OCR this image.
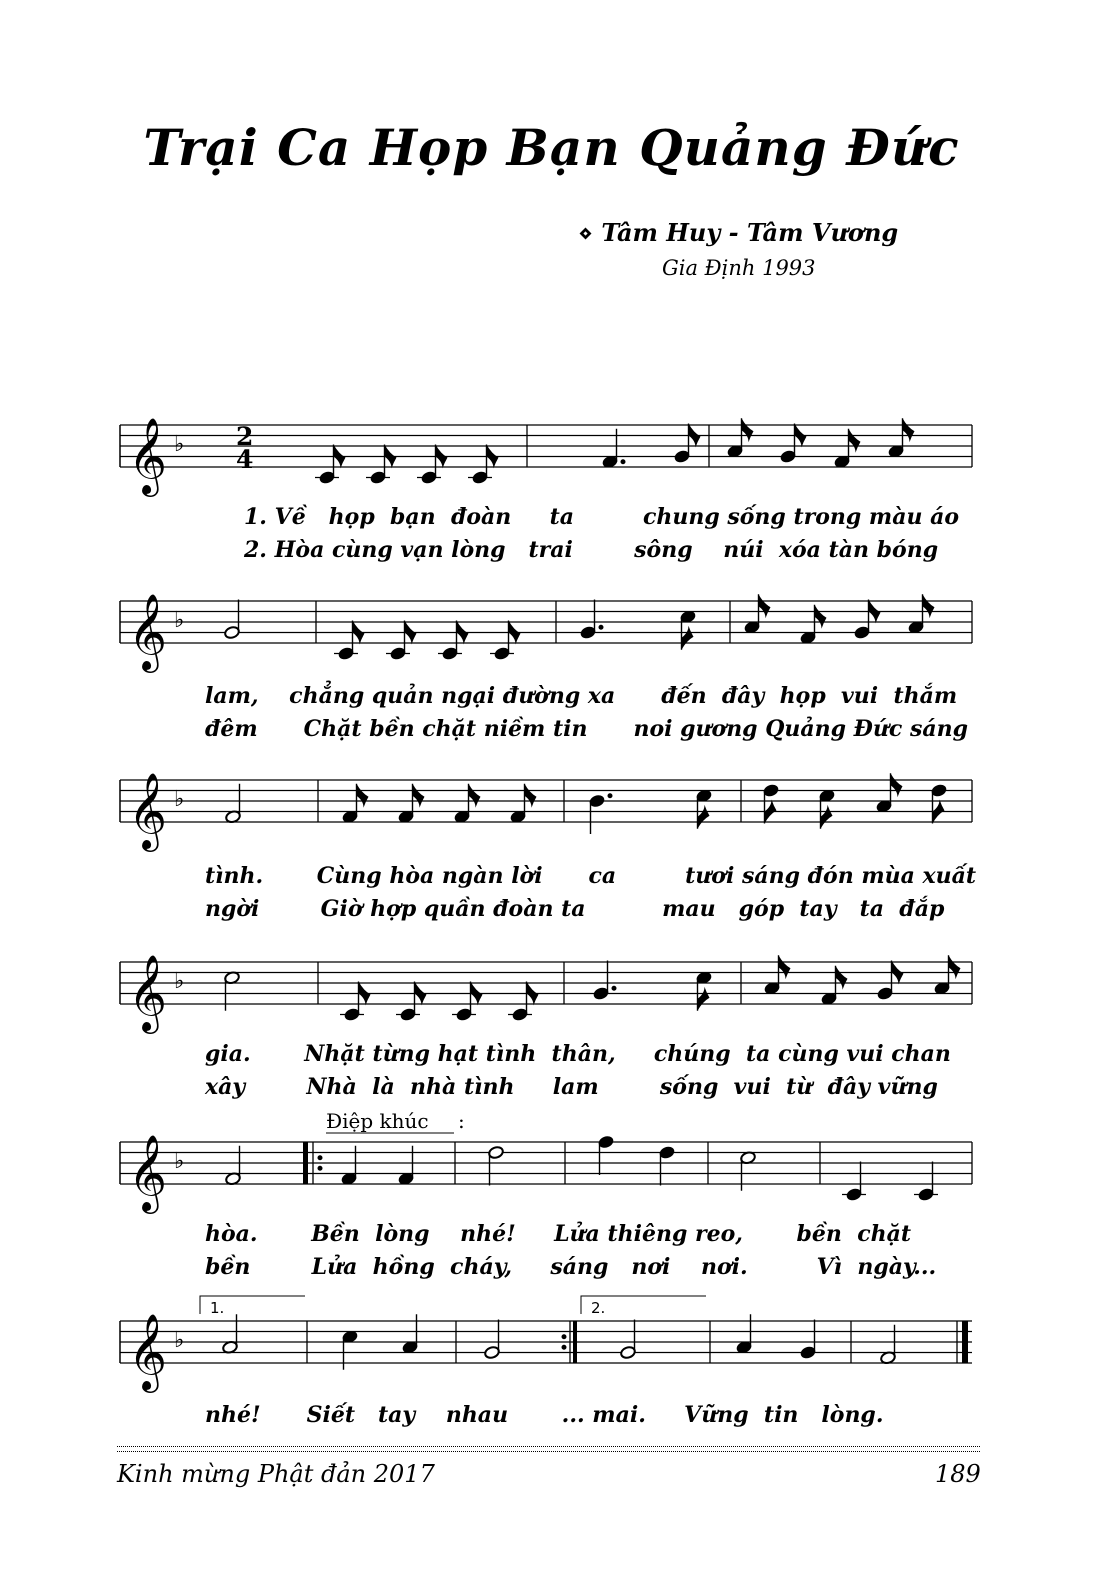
Trại Ca Họp Bạn Quảng Đức
⋄ Tâm Huy - Tâm Vương
Gia Định 1993
𝄞 ♭ 2
4
1. Về   họp  bạn  đoàn     ta         chung sống trong màu áo
2. Hòa cùng vạn lòng   trai        sông    núi  xóa tàn bóng
𝄞 ♭
lam,    chẳng quản ngại đường xa      đến  đây  họp  vui  thắm
đêm      Chặt bền chặt niềm tin      noi gương Quảng Đức sáng
𝄞 ♭
tình.       Cùng hòa ngàn lời      ca         tươi sáng đón mùa xuất
ngời        Giờ hợp quần đoàn ta          mau   góp  tay   ta  đắp
𝄞 ♭
gia.       Nhặt từng hạt tình  thân,     chúng  ta cùng vui chan
xây        Nhà  là  nhà tình     lam        sống  vui  từ  đây vững
𝄞 ♭
hòa.       Bền  lòng    nhé!     Lửa thiêng reo,       bền  chặt
bền        Lửa  hồng  cháy,     sáng   nơi    nơi.         Vì  ngày...
𝄞 ♭
nhé!      Siết   tay    nhau       ... mai.     Vững  tin   lòng.
Điệp khúc :
1.	2.
Kinh mừng Phật đản 2017	189
